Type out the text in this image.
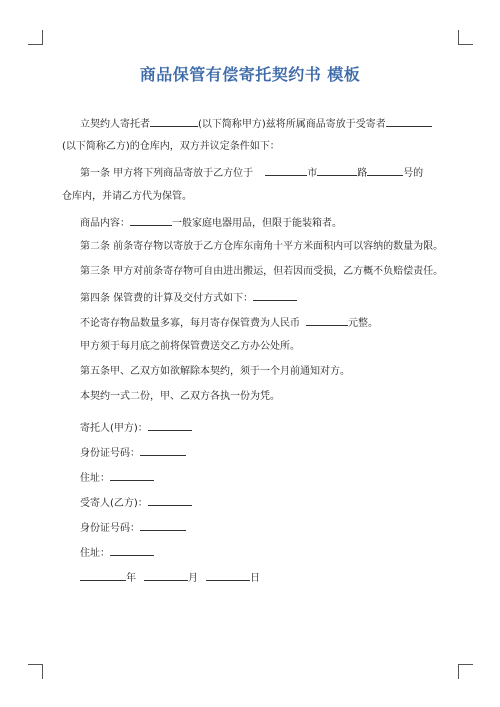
商品保管有偿寄托契约书 模板
立契约人寄托者	(以下简称甲方)兹将所属商品寄放于受寄者
(以下简称乙方)的仓库内，双方并议定条件如下：
第一条 甲方将下列商品寄放于乙方位于	市	路	号的
仓库内，并请乙方代为保管。
商品内容：	一般家庭电器用品，但限于能装箱者。
第二条 前条寄存物以寄放于乙方仓库东南角十平方米面积内可以容纳的数量为限。
第三条 甲方对前条寄存物可自由进出搬运，但若因而受损，乙方概不负赔偿责任。
第四条 保管费的计算及交付方式如下：
不论寄存物品数量多寡，每月寄存保管费为人民币	元整。
甲方须于每月底之前将保管费送交乙方办公处所。
第五条甲、乙双方如欲解除本契约，须于一个月前通知对方。
本契约一式二份，甲、乙双方各执一份为凭。
寄托人(甲方)：
身份证号码：
住址：
受寄人(乙方)：
身份证号码：
住址：
年	月	日
